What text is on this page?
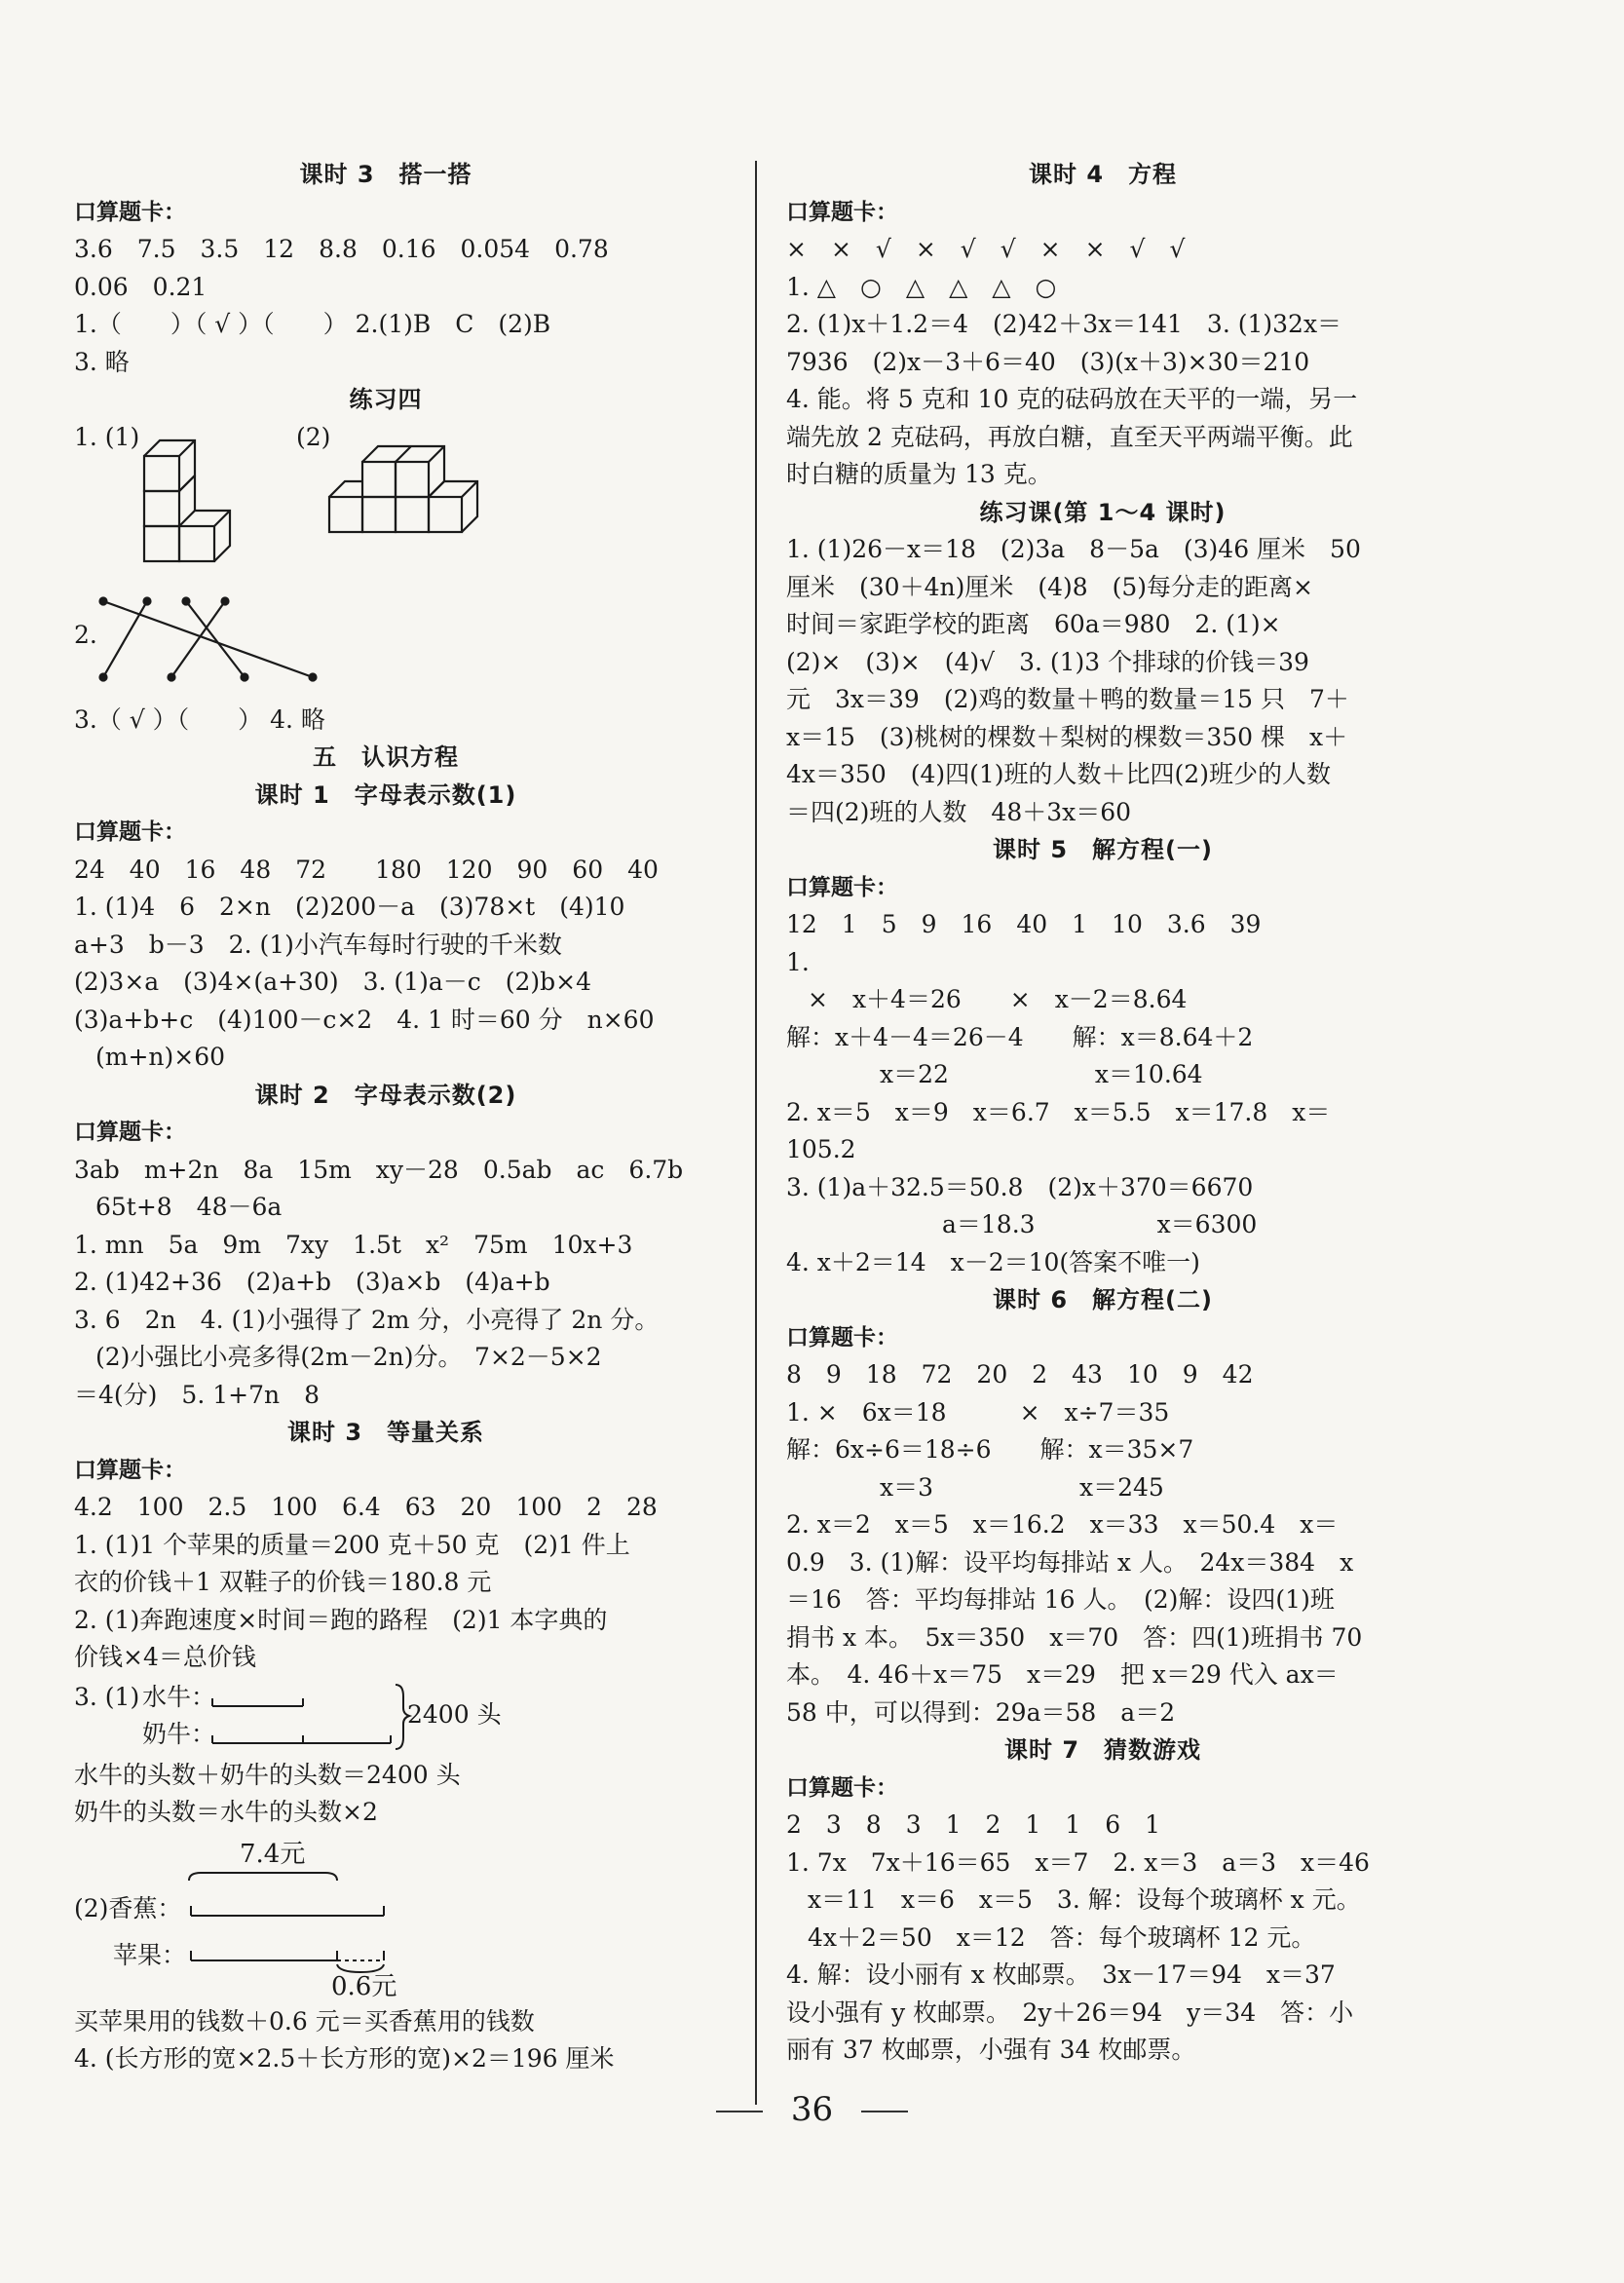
课时 3　搭一搭
口算题卡：
3.6　7.5　3.5　12　8.8　0.16　0.054　0.78
0.06　0.21
1.（　　）（ √ ）（　　） 2.(1)B　C　(2)B
3. 略
练习四
1. (1)	(2)
2.
3.（ √ ）（　　） 4. 略
五　认识方程
课时 1　字母表示数(1)
口算题卡：
24　40　16　48　72　　180　120　90　60　40
1. (1)4　6　2×n　(2)200－a　(3)78×t　(4)10
a+3　b－3　2. (1)小汽车每时行驶的千米数
(2)3×a　(3)4×(a+30)　3. (1)a－c　(2)b×4
(3)a+b+c　(4)100－c×2　4. 1 时＝60 分　n×60
(m+n)×60
课时 2　字母表示数(2)
口算题卡：
3ab　m+2n　8a　15m　xy－28　0.5ab　ac　6.7b
65t+8　48－6a
1. mn　5a　9m　7xy　1.5t　x²　75m　10x+3
2. (1)42+36　(2)a+b　(3)a×b　(4)a+b
3. 6　2n　4. (1)小强得了 2m 分，小亮得了 2n 分。
(2)小强比小亮多得(2m－2n)分。　7×2－5×2
＝4(分)　5. 1+7n　8
课时 3　等量关系
口算题卡：
4.2　100　2.5　100　6.4　63　20　100　2　28
1. (1)1 个苹果的质量＝200 克＋50 克　(2)1 件上
衣的价钱＋1 双鞋子的价钱＝180.8 元
2. (1)奔跑速度×时间＝跑的路程　(2)1 本字典的
价钱×4＝总价钱
3. (1) 水牛：
奶牛：
2400 头
水牛的头数＋奶牛的头数＝2400 头
奶牛的头数＝水牛的头数×2
7.4元
(2)香蕉：
苹果：
0.6元
买苹果用的钱数＋0.6 元＝买香蕉用的钱数
4. (长方形的宽×2.5＋长方形的宽)×2＝196 厘米
课时 4　方程
口算题卡：
×　×　√　×　√　√　×　×　√　√
1. △　○　△　△　△　○
2. (1)x＋1.2＝4　(2)42＋3x＝141　3. (1)32x＝
7936　(2)x－3＋6＝40　(3)(x＋3)×30＝210
4. 能。将 5 克和 10 克的砝码放在天平的一端，另一
端先放 2 克砝码，再放白糖，直至天平两端平衡。此
时白糖的质量为 13 克。
练习课(第 1～4 课时)
1. (1)26－x＝18　(2)3a　8－5a　(3)46 厘米　50
厘米　(30＋4n)厘米　(4)8　(5)每分走的距离×
时间＝家距学校的距离　60a＝980　2. (1)×
(2)×　(3)×　(4)√　3. (1)3 个排球的价钱＝39
元　3x＝39　(2)鸡的数量＋鸭的数量＝15 只　7＋
x＝15　(3)桃树的棵数＋梨树的棵数＝350 棵　x＋
4x＝350　(4)四(1)班的人数＋比四(2)班少的人数
＝四(2)班的人数　48＋3x＝60
课时 5　解方程(一)
口算题卡：
12　1　5　9　16　40　1　10　3.6　39
1.
×　x＋4＝26　　×　x－2＝8.64
解：x＋4－4＝26－4　　解：x＝8.64＋2
x＝22　　　　　　x＝10.64
2. x＝5　x＝9　x＝6.7　x＝5.5　x＝17.8　x＝
105.2
3. (1)a＋32.5＝50.8　(2)x＋370＝6670
a＝18.3　　　　　x＝6300
4. x＋2＝14　x－2＝10(答案不唯一)
课时 6　解方程(二)
口算题卡：
8　9　18　72　20　2　43　10　9　42
1. ×　6x＝18　　　×　x÷7＝35
解：6x÷6＝18÷6　　解：x＝35×7
x＝3　　　　　　x＝245
2. x＝2　x＝5　x＝16.2　x＝33　x＝50.4　x＝
0.9　3. (1)解：设平均每排站 x 人。　24x＝384　x
＝16　答：平均每排站 16 人。　(2)解：设四(1)班
捐书 x 本。　5x＝350　x＝70　答：四(1)班捐书 70
本。　4. 46＋x＝75　x＝29　把 x＝29 代入 ax＝
58 中，可以得到：29a＝58　a＝2
课时 7　猜数游戏
口算题卡：
2　3　8　3　1　2　1　1　6　1
1. 7x　7x＋16＝65　x＝7　2. x＝3　a＝3　x＝46
x＝11　x＝6　x＝5　3. 解：设每个玻璃杯 x 元。
4x＋2＝50　x＝12　答：每个玻璃杯 12 元。
4. 解：设小丽有 x 枚邮票。　3x－17＝94　x＝37
设小强有 y 枚邮票。　2y＋26＝94　y＝34　答：小
丽有 37 枚邮票，小强有 34 枚邮票。
36
